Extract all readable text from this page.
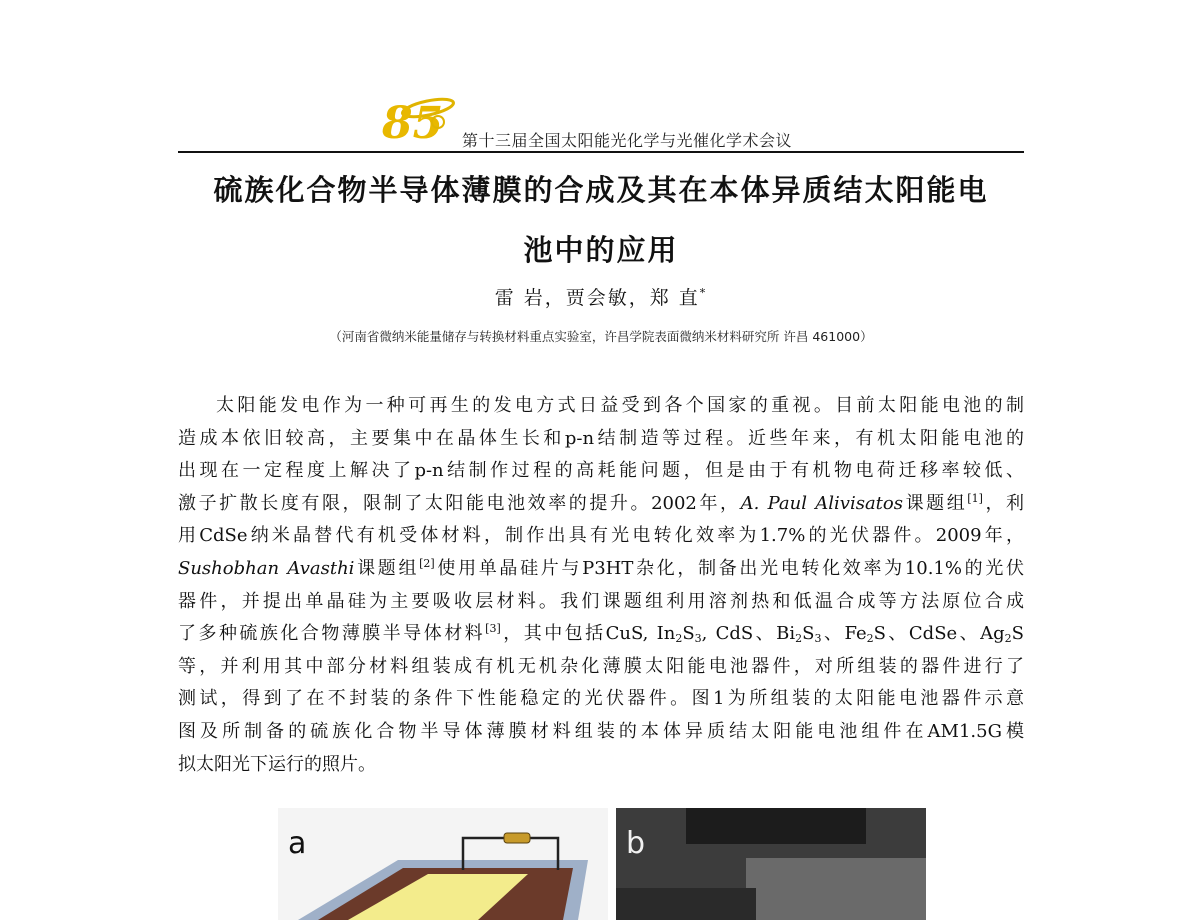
85 第十三届全国太阳能光化学与光催化学术会议
硫族化合物半导体薄膜的合成及其在本体异质结太阳能电
池中的应用
雷 岩，贾会敏，郑 直*
（河南省微纳米能量储存与转换材料重点实验室，许昌学院表面微纳米材料研究所 许昌 461000）
太阳能发电作为一种可再生的发电方式日益受到各个国家的重视。目前太阳能电池的制
造成本依旧较高，主要集中在晶体生长和p-n结制造等过程。近些年来，有机太阳能电池的
出现在一定程度上解决了p-n结制作过程的高耗能问题，但是由于有机物电荷迁移率较低、
激子扩散长度有限，限制了太阳能电池效率的提升。2002年，A. Paul Alivisatos课题组[1]，利
用CdSe纳米晶替代有机受体材料，制作出具有光电转化效率为1.7%的光伏器件。2009年，
Sushobhan Avasthi课题组[2]使用单晶硅片与P3HT杂化，制备出光电转化效率为10.1%的光伏
器件，并提出单晶硅为主要吸收层材料。我们课题组利用溶剂热和低温合成等方法原位合成
了多种硫族化合物薄膜半导体材料[3]，其中包括CuS, $In_2S_3$, CdS、$Bi_2S_3$、$Fe_2S$、CdSe、$Ag_2S$
等，并利用其中部分材料组装成有机无机杂化薄膜太阳能电池器件，对所组装的器件进行了
测试，得到了在不封装的条件下性能稳定的光伏器件。图1为所组装的太阳能电池器件示意
图及所制备的硫族化合物半导体薄膜材料组装的本体异质结太阳能电池组件在AM1.5G模
拟太阳光下运行的照片。
a	b
